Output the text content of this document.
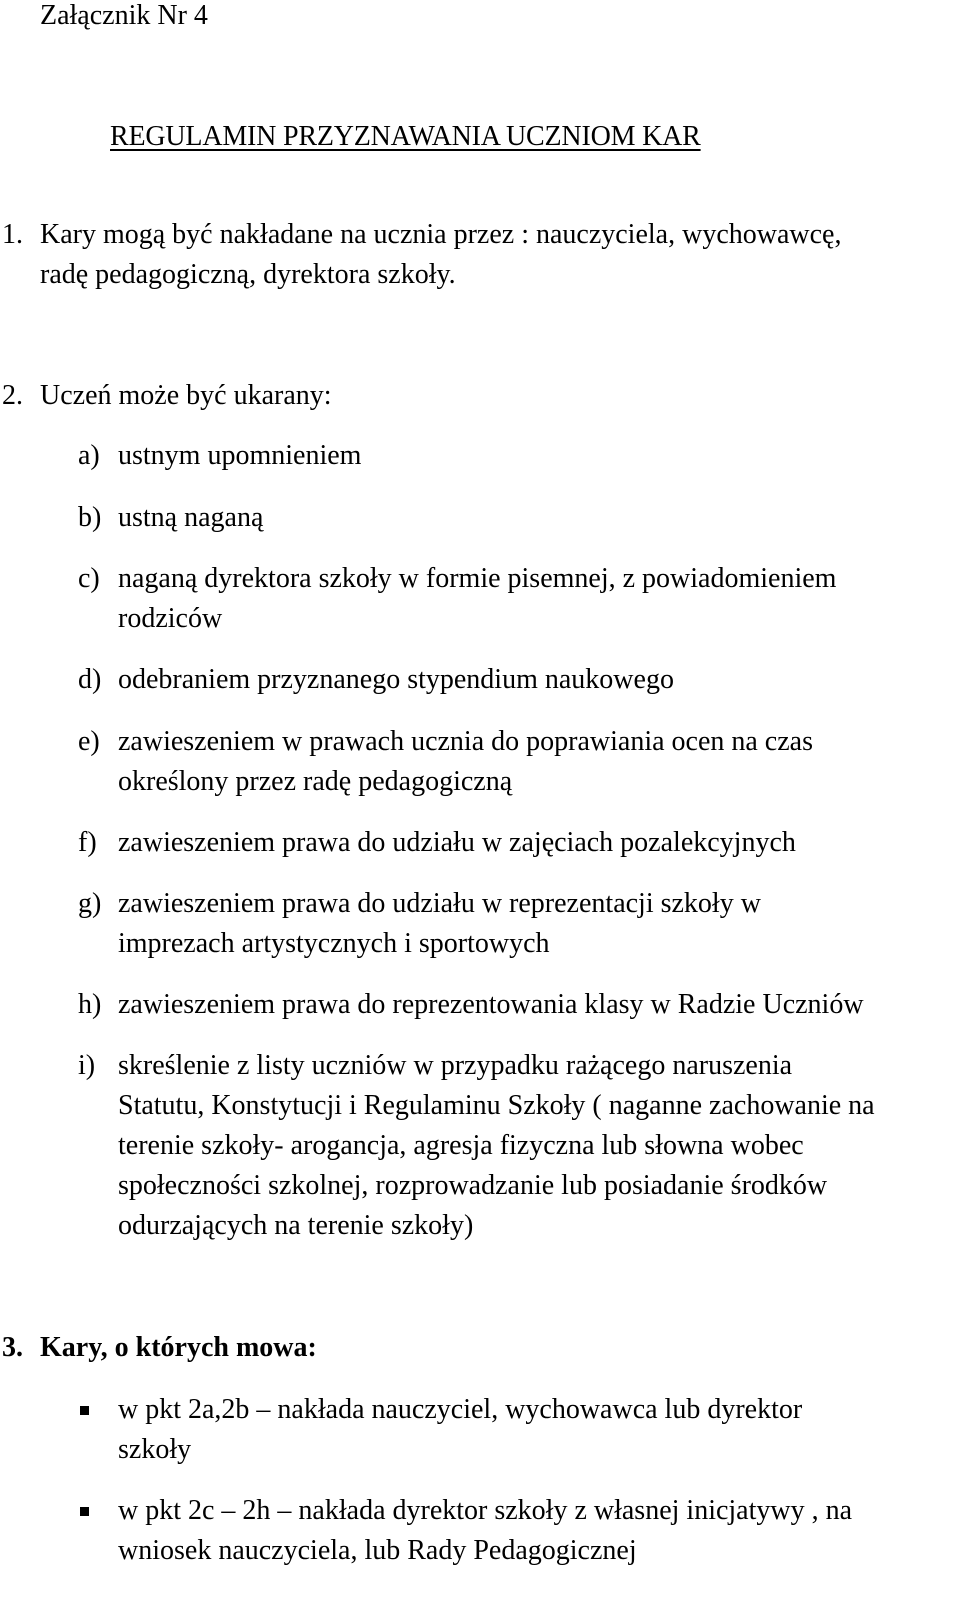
Załącznik Nr 4
REGULAMIN PRZYZNAWANIA UCZNIOM KAR
1. Kary mogą być nakładane na ucznia przez : nauczyciela, wychowawcę,
radę pedagogiczną, dyrektora szkoły.
2. Uczeń może być ukarany:
a) ustnym upomnieniem
b) ustną naganą
c) naganą dyrektora szkoły w formie pisemnej, z powiadomieniem
rodziców
d) odebraniem przyznanego stypendium naukowego
e) zawieszeniem w prawach ucznia do poprawiania ocen na czas
określony przez radę pedagogiczną
f) zawieszeniem prawa do udziału w zajęciach pozalekcyjnych
g) zawieszeniem prawa do udziału w reprezentacji szkoły w
imprezach artystycznych i sportowych
h) zawieszeniem prawa do reprezentowania klasy w Radzie Uczniów
i) skreślenie z listy uczniów w przypadku rażącego naruszenia
Statutu, Konstytucji i Regulaminu Szkoły ( naganne zachowanie na
terenie szkoły- arogancja, agresja fizyczna lub słowna wobec
społeczności szkolnej, rozprowadzanie lub posiadanie środków
odurzających na terenie szkoły)
3. Kary, o których mowa:
w pkt 2a,2b – nakłada nauczyciel, wychowawca lub dyrektor
szkoły
w pkt 2c – 2h – nakłada dyrektor szkoły z własnej inicjatywy , na
wniosek nauczyciela, lub Rady Pedagogicznej
